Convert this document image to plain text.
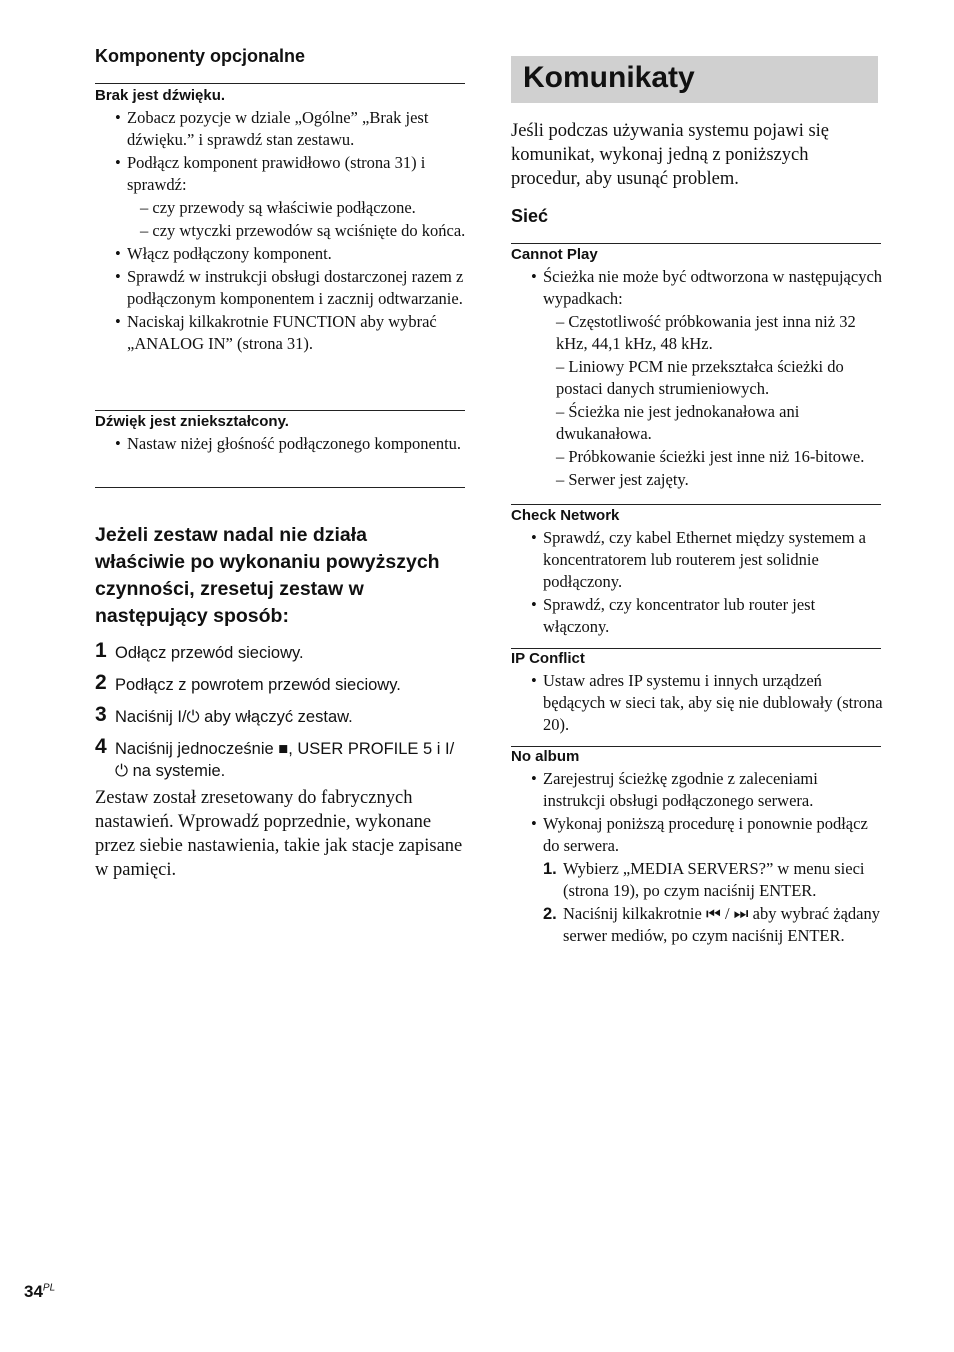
Komponenty opcjonalne
Brak jest dźwięku.
• Zobacz pozycje w dziale „Ogólne” „Brak jest dźwięku.” i sprawdź stan zestawu.
• Podłącz komponent prawidłowo (strona 31) i sprawdź:
– czy przewody są właściwie podłączone.
– czy wtyczki przewodów są wciśnięte do końca.
• Włącz podłączony komponent.
• Sprawdź w instrukcji obsługi dostarczonej razem z podłączonym komponentem i zacznij odtwarzanie.
• Naciskaj kilkakrotnie FUNCTION aby wybrać „ANALOG IN” (strona 31).
Dźwięk jest zniekształcony.
• Nastaw niżej głośność podłączonego komponentu.
Jeżeli zestaw nadal nie działa właściwie po wykonaniu powyższych czynności, zresetuj zestaw w następujący sposób:
1 Odłącz przewód sieciowy.
2 Podłącz z powrotem przewód sieciowy.
3 Naciśnij I/⏻ aby włączyć zestaw.
4 Naciśnij jednocześnie ■, USER PROFILE 5 i I/⏻ na systemie.
Zestaw został zresetowany do fabrycznych nastawień. Wprowadź poprzednie, wykonane przez siebie nastawienia, takie jak stacje zapisane w pamięci.
Komunikaty
Jeśli podczas używania systemu pojawi się komunikat, wykonaj jedną z poniższych procedur, aby usunąć problem.
Sieć
Cannot Play
• Ścieżka nie może być odtworzona w następujących wypadkach:
– Częstotliwość próbkowania jest inna niż 32 kHz, 44,1 kHz, 48 kHz.
– Liniowy PCM nie przekształca ścieżki do postaci danych strumieniowych.
– Ścieżka nie jest jednokanałowa ani dwukanałowa.
– Próbkowanie ścieżki jest inne niż 16-bitowe.
– Serwer jest zajęty.
Check Network
• Sprawdź, czy kabel Ethernet między systemem a koncentratorem lub routerem jest solidnie podłączony.
• Sprawdź, czy koncentrator lub router jest włączony.
IP Conflict
• Ustaw adres IP systemu i innych urządzeń będących w sieci tak, aby się nie dublowały (strona 20).
No album
• Zarejestruj ścieżkę zgodnie z zaleceniami instrukcji obsługi podłączonego serwera.
• Wykonaj poniższą procedurę i ponownie podłącz do serwera.
1. Wybierz „MEDIA SERVERS?” w menu sieci (strona 19), po czym naciśnij ENTER.
2. Naciśnij kilkakrotnie ⏮ / ⏭ aby wybrać żądany serwer mediów, po czym naciśnij ENTER.
$34^{PL}$
